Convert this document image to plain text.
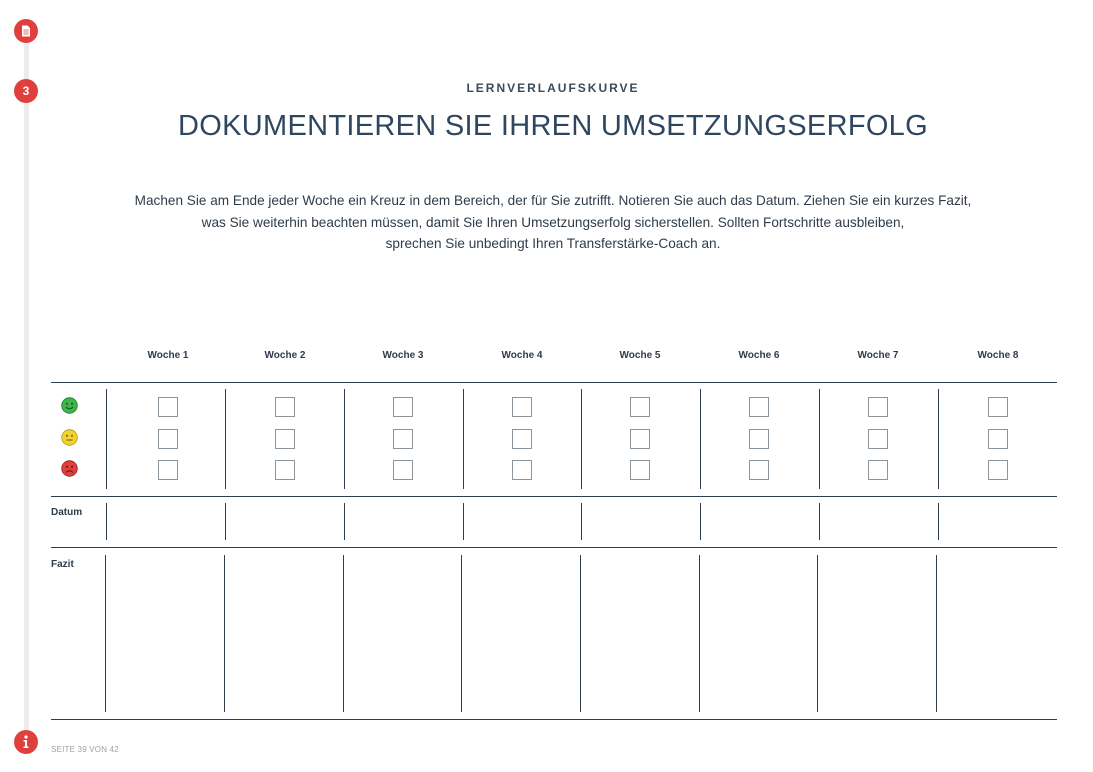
3	LERNVERLAUFSKURVE
DOKUMENTIEREN SIE IHREN UMSETZUNGSERFOLG

Machen Sie am Ende jeder Woche ein Kreuz in dem Bereich, der für Sie zutrifft. Notieren Sie auch das Datum. Ziehen Sie ein kurzes Fazit,

was Sie weiterhin beachten müssen, damit Sie Ihren Umsetzungserfolg sicherstellen. Sollten Fortschritte ausbleiben,

sprechen Sie unbedingt Ihren Transferstärke-Coach an.

Woche 1	Woche 2	Woche 3	Woche 4	Woche 5	Woche 6	Woche 7	Woche 8
Datum
Fazit
SEITE 39 VON 42
